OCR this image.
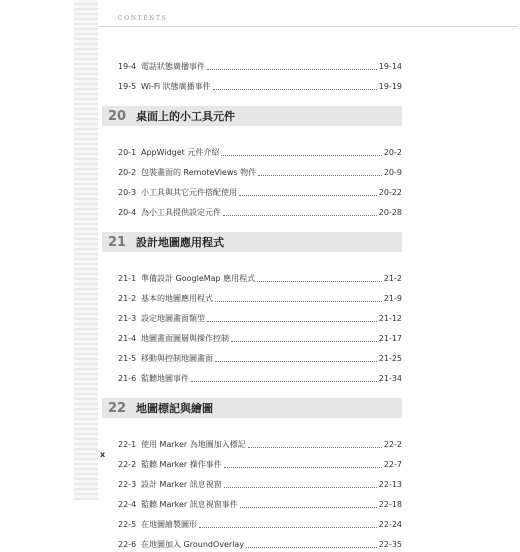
CONTENTS
19-4 電話狀態廣播事件	19-14
19-5 Wi-Fi 狀態廣播事件	19-19
20 桌面上的小工具元件
20-1 AppWidget 元件介紹	20-2
20-2 包裝畫面的 RemoteViews 物件	20-9
20-3 小工具與其它元件搭配使用	20-22
20-4 為小工具提供設定元件	20-28
21 設計地圖應用程式
21-1 準備設計 GoogleMap 應用程式	21-2
21-2 基本的地圖應用程式	21-9
21-3 設定地圖畫面類型	21-12
21-4 地圖畫面圖層與操作控制	21-17
21-5 移動與控制地圖畫面	21-25
21-6 監聽地圖事件	21-34
22 地圖標記與繪圖
22-1 使用 Marker 為地圖加入標記	22-2
22-2 監聽 Marker 操作事件	22-7
22-3 設計 Marker 訊息視窗	22-13
22-4 監聽 Marker 訊息視窗事件	22-18
22-5 在地圖繪製圖形	22-24
22-6 在地圖加入 GroundOverlay	22-35
x
